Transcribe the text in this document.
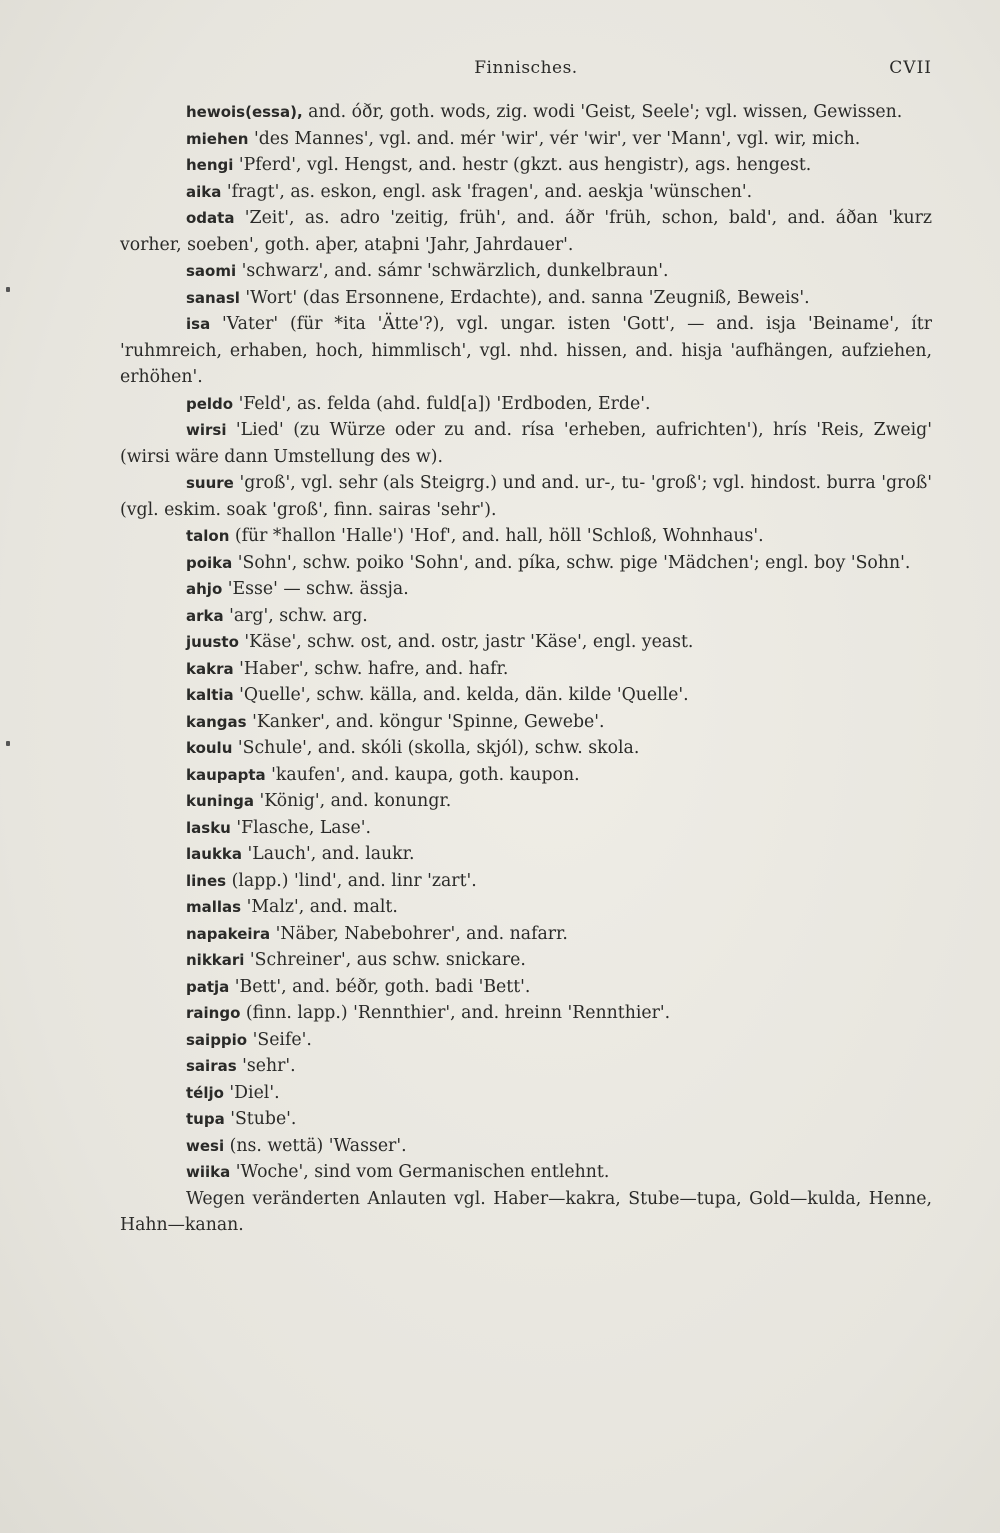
Finnisches.	CVII

hewois(essa), and. óðr, goth. wods, zig. wodi 'Geist, Seele'; vgl. wissen, Gewissen.

miehen 'des Mannes', vgl. and. mér 'wir', vér 'wir', ver 'Mann', vgl. wir, mich.

hengi 'Pferd', vgl. Hengst, and. hestr (gkzt. aus hengistr), ags. hengest.

aika 'fragt', as. eskon, engl. ask 'fragen', and. aeskja 'wünschen'.

odata 'Zeit', as. adro 'zeitig, früh', and. áðr 'früh, schon, bald', and. áðan 'kurz vorher, soeben', goth. aþer, ataþni 'Jahr, Jahrdauer'.

saomi 'schwarz', and. sámr 'schwärzlich, dunkelbraun'.

sanasl 'Wort' (das Ersonnene, Erdachte), and. sanna 'Zeugniß, Beweis'.

isa 'Vater' (für *ita 'Ätte'?), vgl. ungar. isten 'Gott', — and. isja 'Beiname', ítr 'ruhmreich, erhaben, hoch, himmlisch', vgl. nhd. hissen, and. hisja 'aufhängen, aufziehen, erhöhen'.

peldo 'Feld', as. felda (ahd. fuld[a]) 'Erdboden, Erde'.

wirsi 'Lied' (zu Würze oder zu and. rísa 'erheben, aufrichten'), hrís 'Reis, Zweig' (wirsi wäre dann Umstellung des w).

suure 'groß', vgl. sehr (als Steigrg.) und and. ur-, tu- 'groß'; vgl. hindost. burra 'groß' (vgl. eskim. soak 'groß', finn. sairas 'sehr').

talon (für *hallon 'Halle') 'Hof', and. hall, höll 'Schloß, Wohnhaus'.

poika 'Sohn', schw. poiko 'Sohn', and. píka, schw. pige 'Mädchen'; engl. boy 'Sohn'.

ahjo 'Esse' — schw. ässja.

arka 'arg', schw. arg.

juusto 'Käse', schw. ost, and. ostr, jastr 'Käse', engl. yeast.

kakra 'Haber', schw. hafre, and. hafr.

kaltia 'Quelle', schw. källa, and. kelda, dän. kilde 'Quelle'.

kangas 'Kanker', and. köngur 'Spinne, Gewebe'.

koulu 'Schule', and. skóli (skolla, skjól), schw. skola.

kaupapta 'kaufen', and. kaupa, goth. kaupon.

kuninga 'König', and. konungr.

lasku 'Flasche, Lase'.

laukka 'Lauch', and. laukr.

lines (lapp.) 'lind', and. linr 'zart'.

mallas 'Malz', and. malt.

napakeira 'Näber, Nabebohrer', and. nafarr.

nikkari 'Schreiner', aus schw. snickare.

patja 'Bett', and. béðr, goth. badi 'Bett'.

raingo (finn. lapp.) 'Rennthier', and. hreinn 'Rennthier'.

saippio 'Seife'.

sairas 'sehr'.

téljo 'Diel'.

tupa 'Stube'.

wesi (ns. wettä) 'Wasser'.

wiika 'Woche', sind vom Germanischen entlehnt.

Wegen veränderten Anlauten vgl. Haber—kakra, Stube—tupa, Gold—kulda, Henne, Hahn—kanan.
